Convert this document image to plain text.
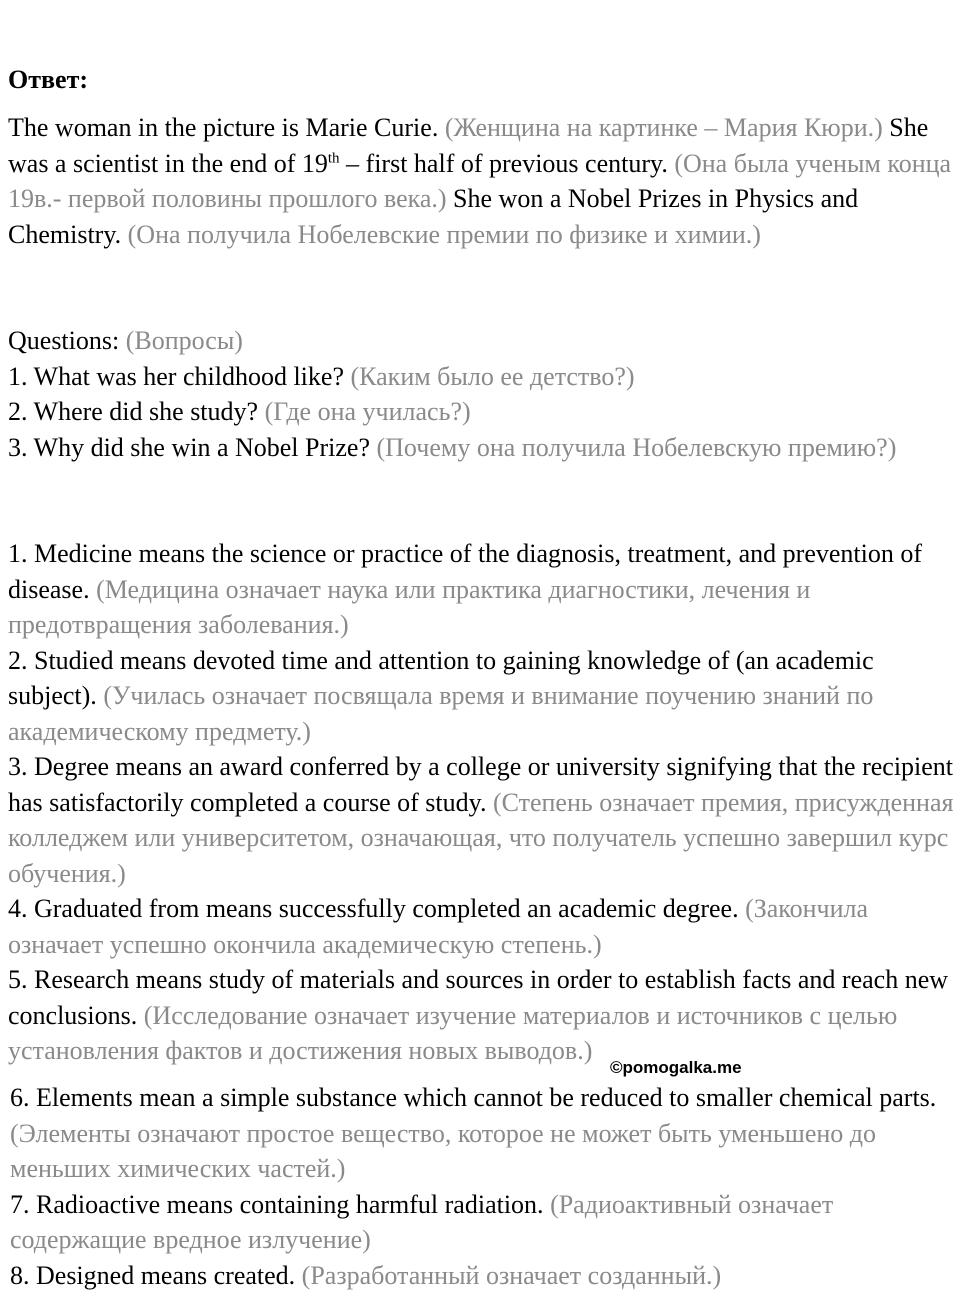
Ответ:

The woman in the picture is Marie Curie. (Женщина на картинке – Мария Кюри.) She was a scientist in the end of 19th – first half of previous century. (Она была ученым конца 19в.- первой половины прошлого века.) She won a Nobel Prizes in Physics and Chemistry. (Она получила Нобелевские премии по физике и химии.)

Questions: (Вопросы)

1. What was her childhood like? (Каким было ее детство?)

2. Where did she study? (Где она училась?)

3. Why did she win a Nobel Prize? (Почему она получила Нобелевскую премию?)

1. Medicine means the science or practice of the diagnosis, treatment, and prevention of disease. (Медицина означает наука или практика диагностики, лечения и предотвращения заболевания.)

2. Studied means devoted time and attention to gaining knowledge of (an academic subject). (Училась означает посвящала время и внимание поучению знаний по академическому предмету.)

3. Degree means an award conferred by a college or university signifying that the recipient has satisfactorily completed a course of study. (Степень означает премия, присужденная колледжем или университетом, означающая, что получатель успешно завершил курс обучения.)

4. Graduated from means successfully completed an academic degree. (Закончила означает успешно окончила академическую степень.)

5. Research means study of materials and sources in order to establish facts and reach new conclusions. (Исследование означает изучение материалов и источников с целью установления фактов и достижения новых выводов.)

©pomogalka.me

6. Elements mean a simple substance which cannot be reduced to smaller chemical parts. (Элементы означают простое вещество, которое не может быть уменьшено до меньших химических частей.)

7. Radioactive means containing harmful radiation. (Радиоактивный означает содержащие вредное излучение)

8. Designed means created. (Разработанный означает созданный.)
